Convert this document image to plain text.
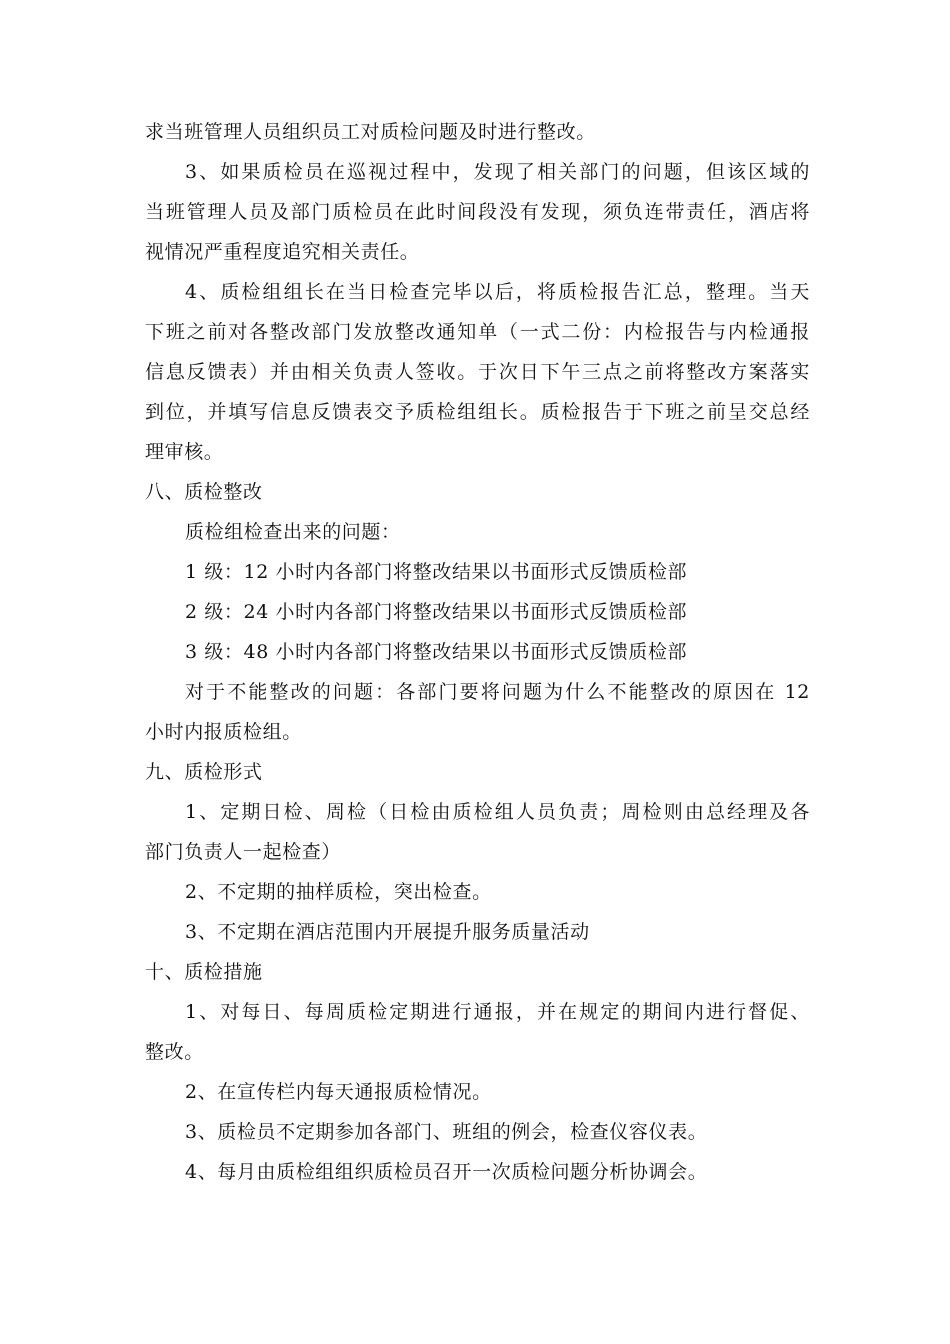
求当班管理人员组织员工对质检问题及时进行整改。
3、如果质检员在巡视过程中，发现了相关部门的问题，但该区域的
当班管理人员及部门质检员在此时间段没有发现，须负连带责任，酒店将
视情况严重程度追究相关责任。
4、质检组组长在当日检查完毕以后，将质检报告汇总，整理。当天
下班之前对各整改部门发放整改通知单（一式二份：内检报告与内检通报
信息反馈表）并由相关负责人签收。于次日下午三点之前将整改方案落实
到位，并填写信息反馈表交予质检组组长。质检报告于下班之前呈交总经
理审核。
八、质检整改
质检组检查出来的问题：
1 级：12 小时内各部门将整改结果以书面形式反馈质检部
2 级：24 小时内各部门将整改结果以书面形式反馈质检部
3 级：48 小时内各部门将整改结果以书面形式反馈质检部
对于不能整改的问题：各部门要将问题为什么不能整改的原因在 12
小时内报质检组。
九、质检形式
1、定期日检、周检（日检由质检组人员负责；周检则由总经理及各
部门负责人一起检查）
2、不定期的抽样质检，突出检查。
3、不定期在酒店范围内开展提升服务质量活动
十、质检措施
1、对每日、每周质检定期进行通报，并在规定的期间内进行督促、
整改。
2、在宣传栏内每天通报质检情况。
3、质检员不定期参加各部门、班组的例会，检查仪容仪表。
4、每月由质检组组织质检员召开一次质检问题分析协调会。
